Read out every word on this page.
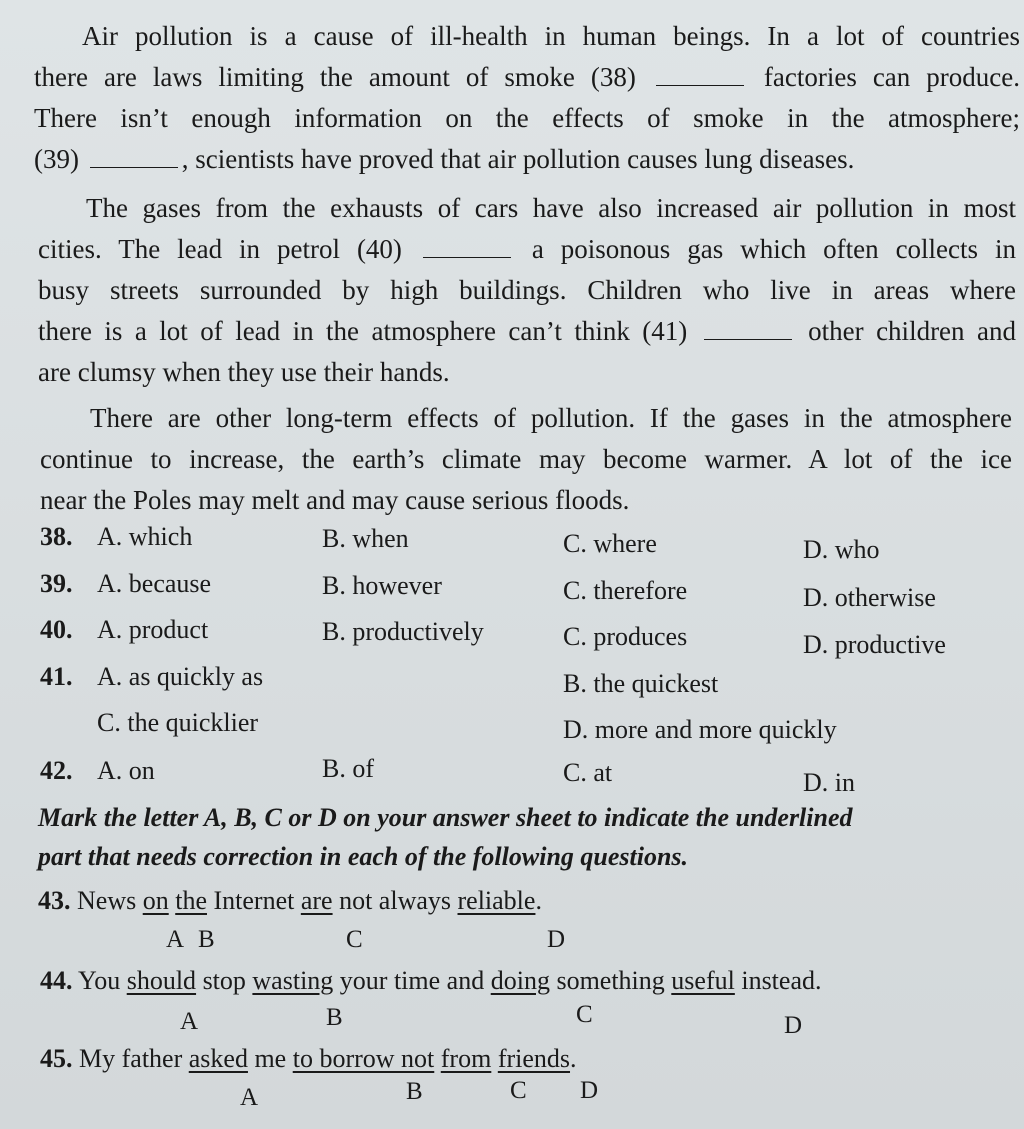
Air pollution is a cause of ill-health in human beings. In a lot of countries

there are laws limiting the amount of smoke (38)	factories can produce.

There isn’t enough information on the effects of smoke in the atmosphere;

(39)	, scientists have proved that air pollution causes lung diseases.

The gases from the exhausts of cars have also increased air pollution in most

cities. The lead in petrol (40)	a poisonous gas which often collects in

busy streets surrounded by high buildings. Children who live in areas where

there is a lot of lead in the atmosphere can’t think (41)	other children and

are clumsy when they use their hands.

There are other long-term effects of pollution. If the gases in the atmosphere

continue to increase, the earth’s climate may become warmer. A lot of the ice

near the Poles may melt and may cause serious floods.

38. A. which	B. when	C. where	D. who
39. A. because	B. however	C. therefore	D. otherwise
40. A. product	B. productively	C. produces	D. productive
41. A. as quickly as	B. the quickest
C. the quicklier	D. more and more quickly
42. A. on	B. of	C. at	D. in
Mark the letter A, B, C or D on your answer sheet to indicate the underlined
part that needs correction in each of the following questions.
43. News on the Internet are not always reliable.
A B	C	D
44. You should stop wasting your time and doing something useful instead.
A	B	C	D
45. My father asked me to borrow not from friends.
A	B	C D
